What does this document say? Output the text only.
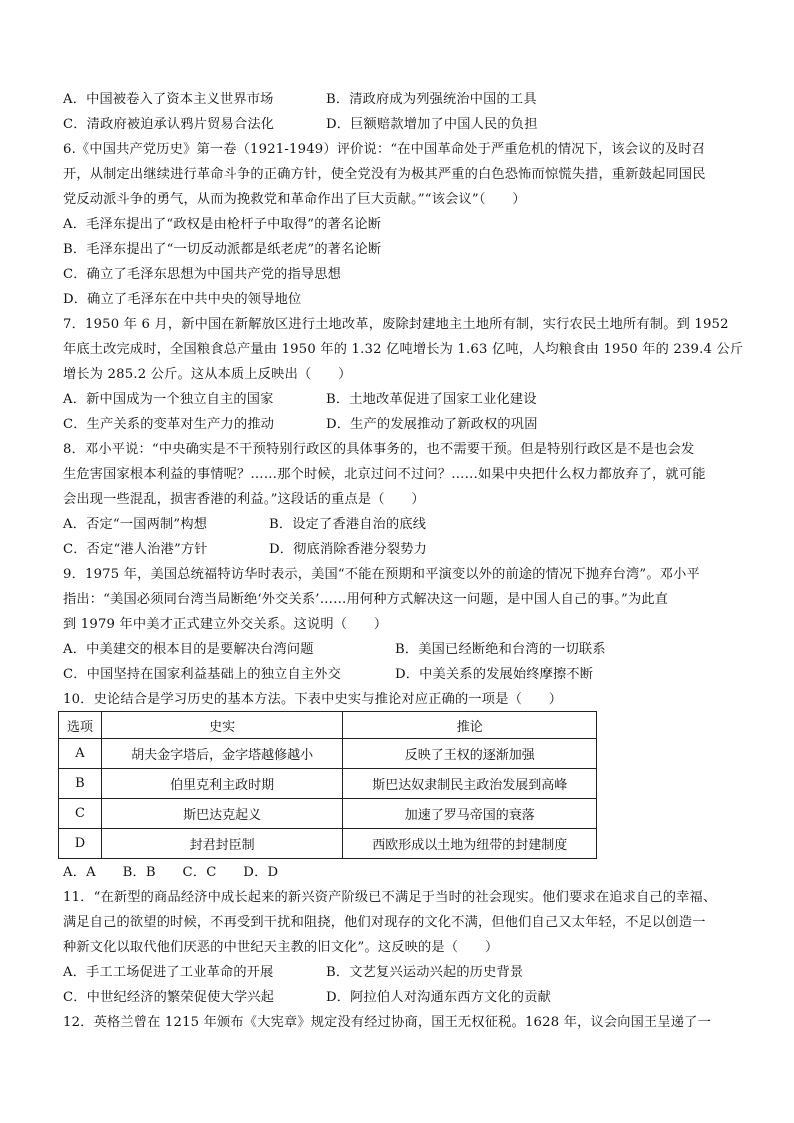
A．中国被卷入了资本主义世界市场	B．清政府成为列强统治中国的工具
C．清政府被迫承认鸦片贸易合法化	D．巨额赔款增加了中国人民的负担
6.《中国共产党历史》第一卷（1921-1949）评价说：“在中国革命处于严重危机的情况下，该会议的及时召
开，从制定出继续进行革命斗争的正确方针，使全党没有为极其严重的白色恐怖而惊慌失措，重新鼓起同国民
党反动派斗争的勇气，从而为挽救党和革命作出了巨大贡献。”“该会议”（　　）
A．毛泽东提出了“政权是由枪杆子中取得”的著名论断
B．毛泽东提出了“一切反动派都是纸老虎”的著名论断
C．确立了毛泽东思想为中国共产党的指导思想
D．确立了毛泽东在中共中央的领导地位
7．1950 年 6 月，新中国在新解放区进行土地改革，废除封建地主土地所有制，实行农民土地所有制。到 1952
年底土改完成时，全国粮食总产量由 1950 年的 1.32 亿吨增长为 1.63 亿吨，人均粮食由 1950 年的 239.4 公斤
增长为 285.2 公斤。这从本质上反映出（　　）
A．新中国成为一个独立自主的国家	B．土地改革促进了国家工业化建设
C．生产关系的变革对生产力的推动	D．生产的发展推动了新政权的巩固
8．邓小平说：“中央确实是不干预特别行政区的具体事务的，也不需要干预。但是特别行政区是不是也会发
生危害国家根本利益的事情呢？……那个时候，北京过问不过问？……如果中央把什么权力都放弃了，就可能
会出现一些混乱，损害香港的利益。”这段话的重点是（　　）
A．否定“一国两制”构想	B．设定了香港自治的底线
C．否定“港人治港”方针	D．彻底消除香港分裂势力
9．1975 年，美国总统福特访华时表示，美国“不能在预期和平演变以外的前途的情况下抛弃台湾”。邓小平
指出：“美国必须同台湾当局断绝‘外交关系’……用何种方式解决这一问题，是中国人自己的事。”为此直
到 1979 年中美才正式建立外交关系。这说明（　　）
A．中美建交的根本目的是要解决台湾问题	B．美国已经断绝和台湾的一切联系
C．中国坚持在国家利益基础上的独立自主外交	D．中美关系的发展始终摩擦不断
10．史论结合是学习历史的基本方法。下表中史实与推论对应正确的一项是（　　）
选项	史实	推论
A	胡夫金字塔后，金字塔越修越小	反映了王权的逐渐加强
B	伯里克利主政时期	斯巴达奴隶制民主政治发展到高峰
C	斯巴达克起义	加速了罗马帝国的衰落
D	封君封臣制	西欧形成以土地为纽带的封建制度
A．A　　B．B　　C．C　　D．D
11．“在新型的商品经济中成长起来的新兴资产阶级已不满足于当时的社会现实。他们要求在追求自己的幸福、
满足自己的欲望的时候，不再受到干扰和阻挠，他们对现存的文化不满，但他们自己又太年轻，不足以创造一
种新文化以取代他们厌恶的中世纪天主教的旧文化”。这反映的是（　　）
A．手工工场促进了工业革命的开展	B．文艺复兴运动兴起的历史背景
C．中世纪经济的繁荣促使大学兴起	D．阿拉伯人对沟通东西方文化的贡献
12．英格兰曾在 1215 年颁布《大宪章》规定没有经过协商，国王无权征税。1628 年，议会向国王呈递了一
